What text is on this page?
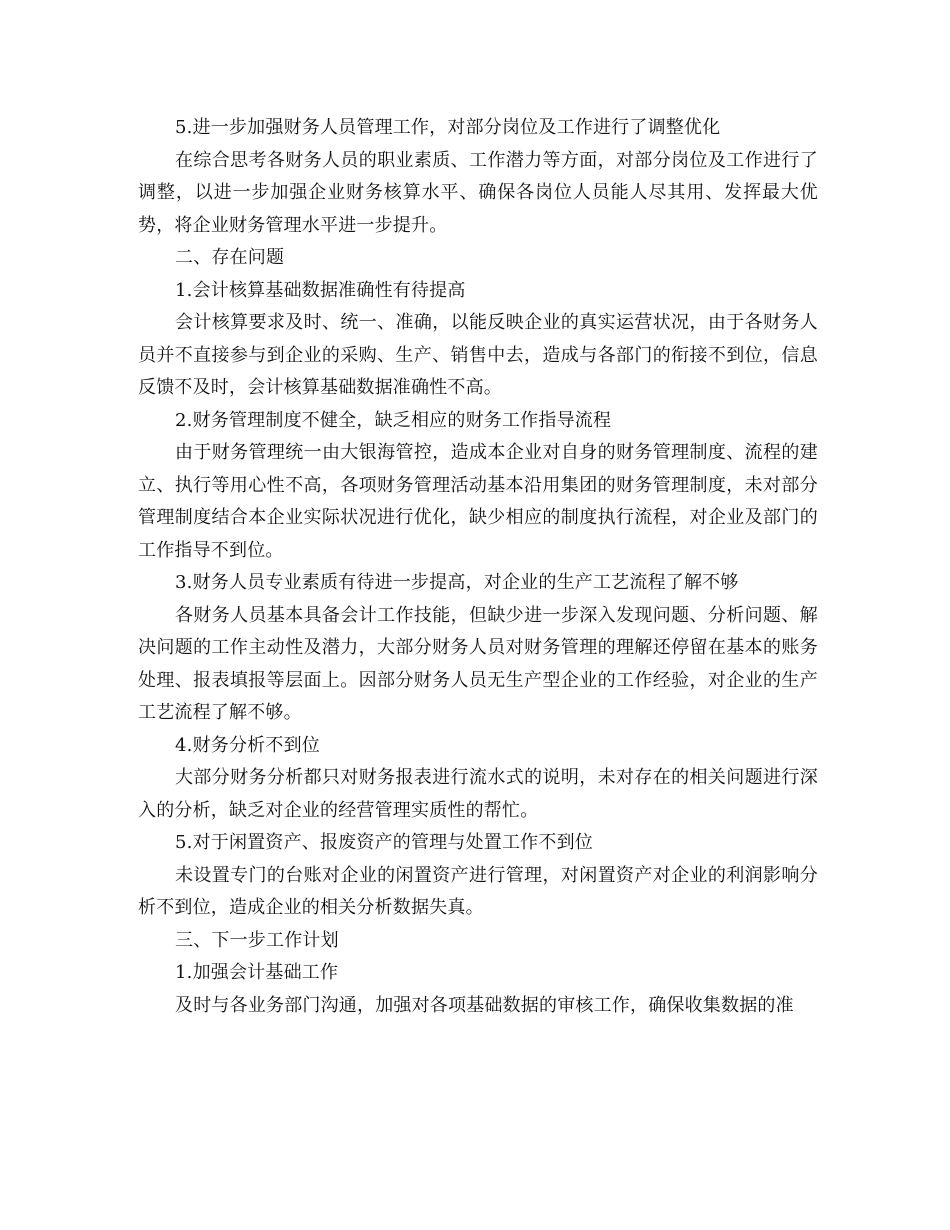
5.进一步加强财务人员管理工作，对部分岗位及工作进行了调整优化

在综合思考各财务人员的职业素质、工作潜力等方面，对部分岗位及工作进行了调整，以进一步加强企业财务核算水平、确保各岗位人员能人尽其用、发挥最大优势，将企业财务管理水平进一步提升。

二、存在问题

1.会计核算基础数据准确性有待提高

会计核算要求及时、统一、准确，以能反映企业的真实运营状况，由于各财务人员并不直接参与到企业的采购、生产、销售中去，造成与各部门的衔接不到位，信息反馈不及时，会计核算基础数据准确性不高。

2.财务管理制度不健全，缺乏相应的财务工作指导流程

由于财务管理统一由大银海管控，造成本企业对自身的财务管理制度、流程的建立、执行等用心性不高，各项财务管理活动基本沿用集团的财务管理制度，未对部分管理制度结合本企业实际状况进行优化，缺少相应的制度执行流程，对企业及部门的工作指导不到位。

3.财务人员专业素质有待进一步提高，对企业的生产工艺流程了解不够

各财务人员基本具备会计工作技能，但缺少进一步深入发现问题、分析问题、解决问题的工作主动性及潜力，大部分财务人员对财务管理的理解还停留在基本的账务处理、报表填报等层面上。因部分财务人员无生产型企业的工作经验，对企业的生产工艺流程了解不够。

4.财务分析不到位

大部分财务分析都只对财务报表进行流水式的说明，未对存在的相关问题进行深入的分析，缺乏对企业的经营管理实质性的帮忙。

5.对于闲置资产、报废资产的管理与处置工作不到位

未设置专门的台账对企业的闲置资产进行管理，对闲置资产对企业的利润影响分析不到位，造成企业的相关分析数据失真。

三、下一步工作计划

1.加强会计基础工作

及时与各业务部门沟通，加强对各项基础数据的审核工作，确保收集数据的准
